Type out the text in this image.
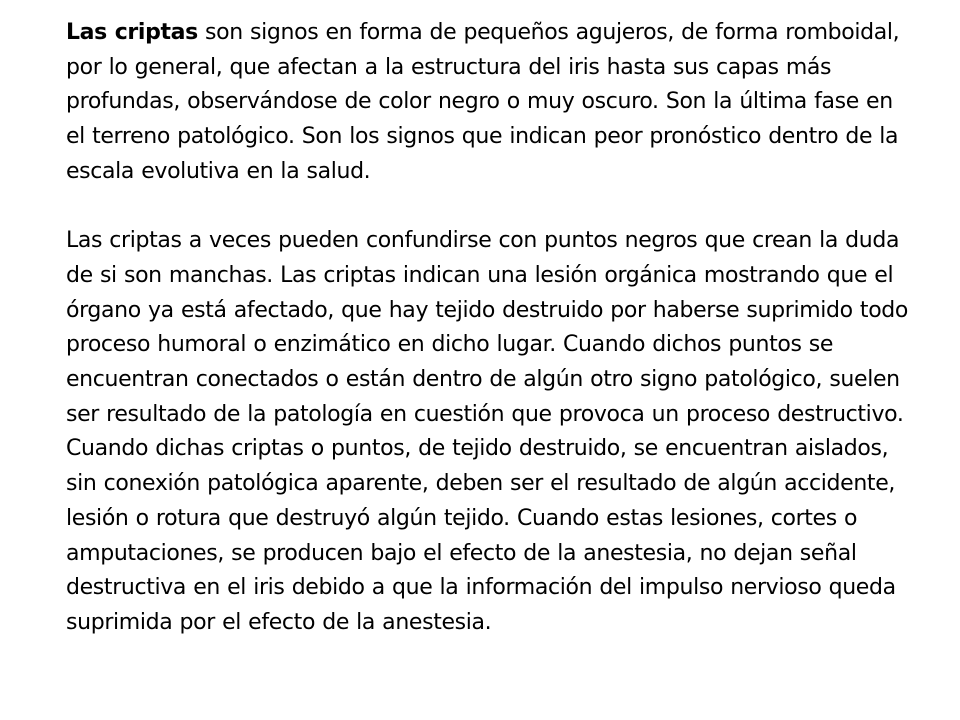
Las criptas son signos en forma de pequeños agujeros, de forma romboidal, por lo general, que afectan a la estructura del iris hasta sus capas más profundas, observándose de color negro o muy oscuro. Son la última fase en el terreno patológico. Son los signos que indican peor pronóstico dentro de la escala evolutiva en la salud.

Las criptas a veces pueden confundirse con puntos negros que crean la duda de si son manchas. Las criptas indican una lesión orgánica mostrando que el órgano ya está afectado, que hay tejido destruido por haberse suprimido todo proceso humoral o enzimático en dicho lugar. Cuando dichos puntos se encuentran conectados o están dentro de algún otro signo patológico, suelen ser resultado de la patología en cuestión que provoca un proceso destructivo. Cuando dichas criptas o puntos, de tejido destruido, se encuentran aislados, sin conexión patológica aparente, deben ser el resultado de algún accidente, lesión o rotura que destruyó algún tejido. Cuando estas lesiones, cortes o amputaciones, se producen bajo el efecto de la anestesia, no dejan señal destructiva en el iris debido a que la información del impulso nervioso queda suprimida por el efecto de la anestesia.
